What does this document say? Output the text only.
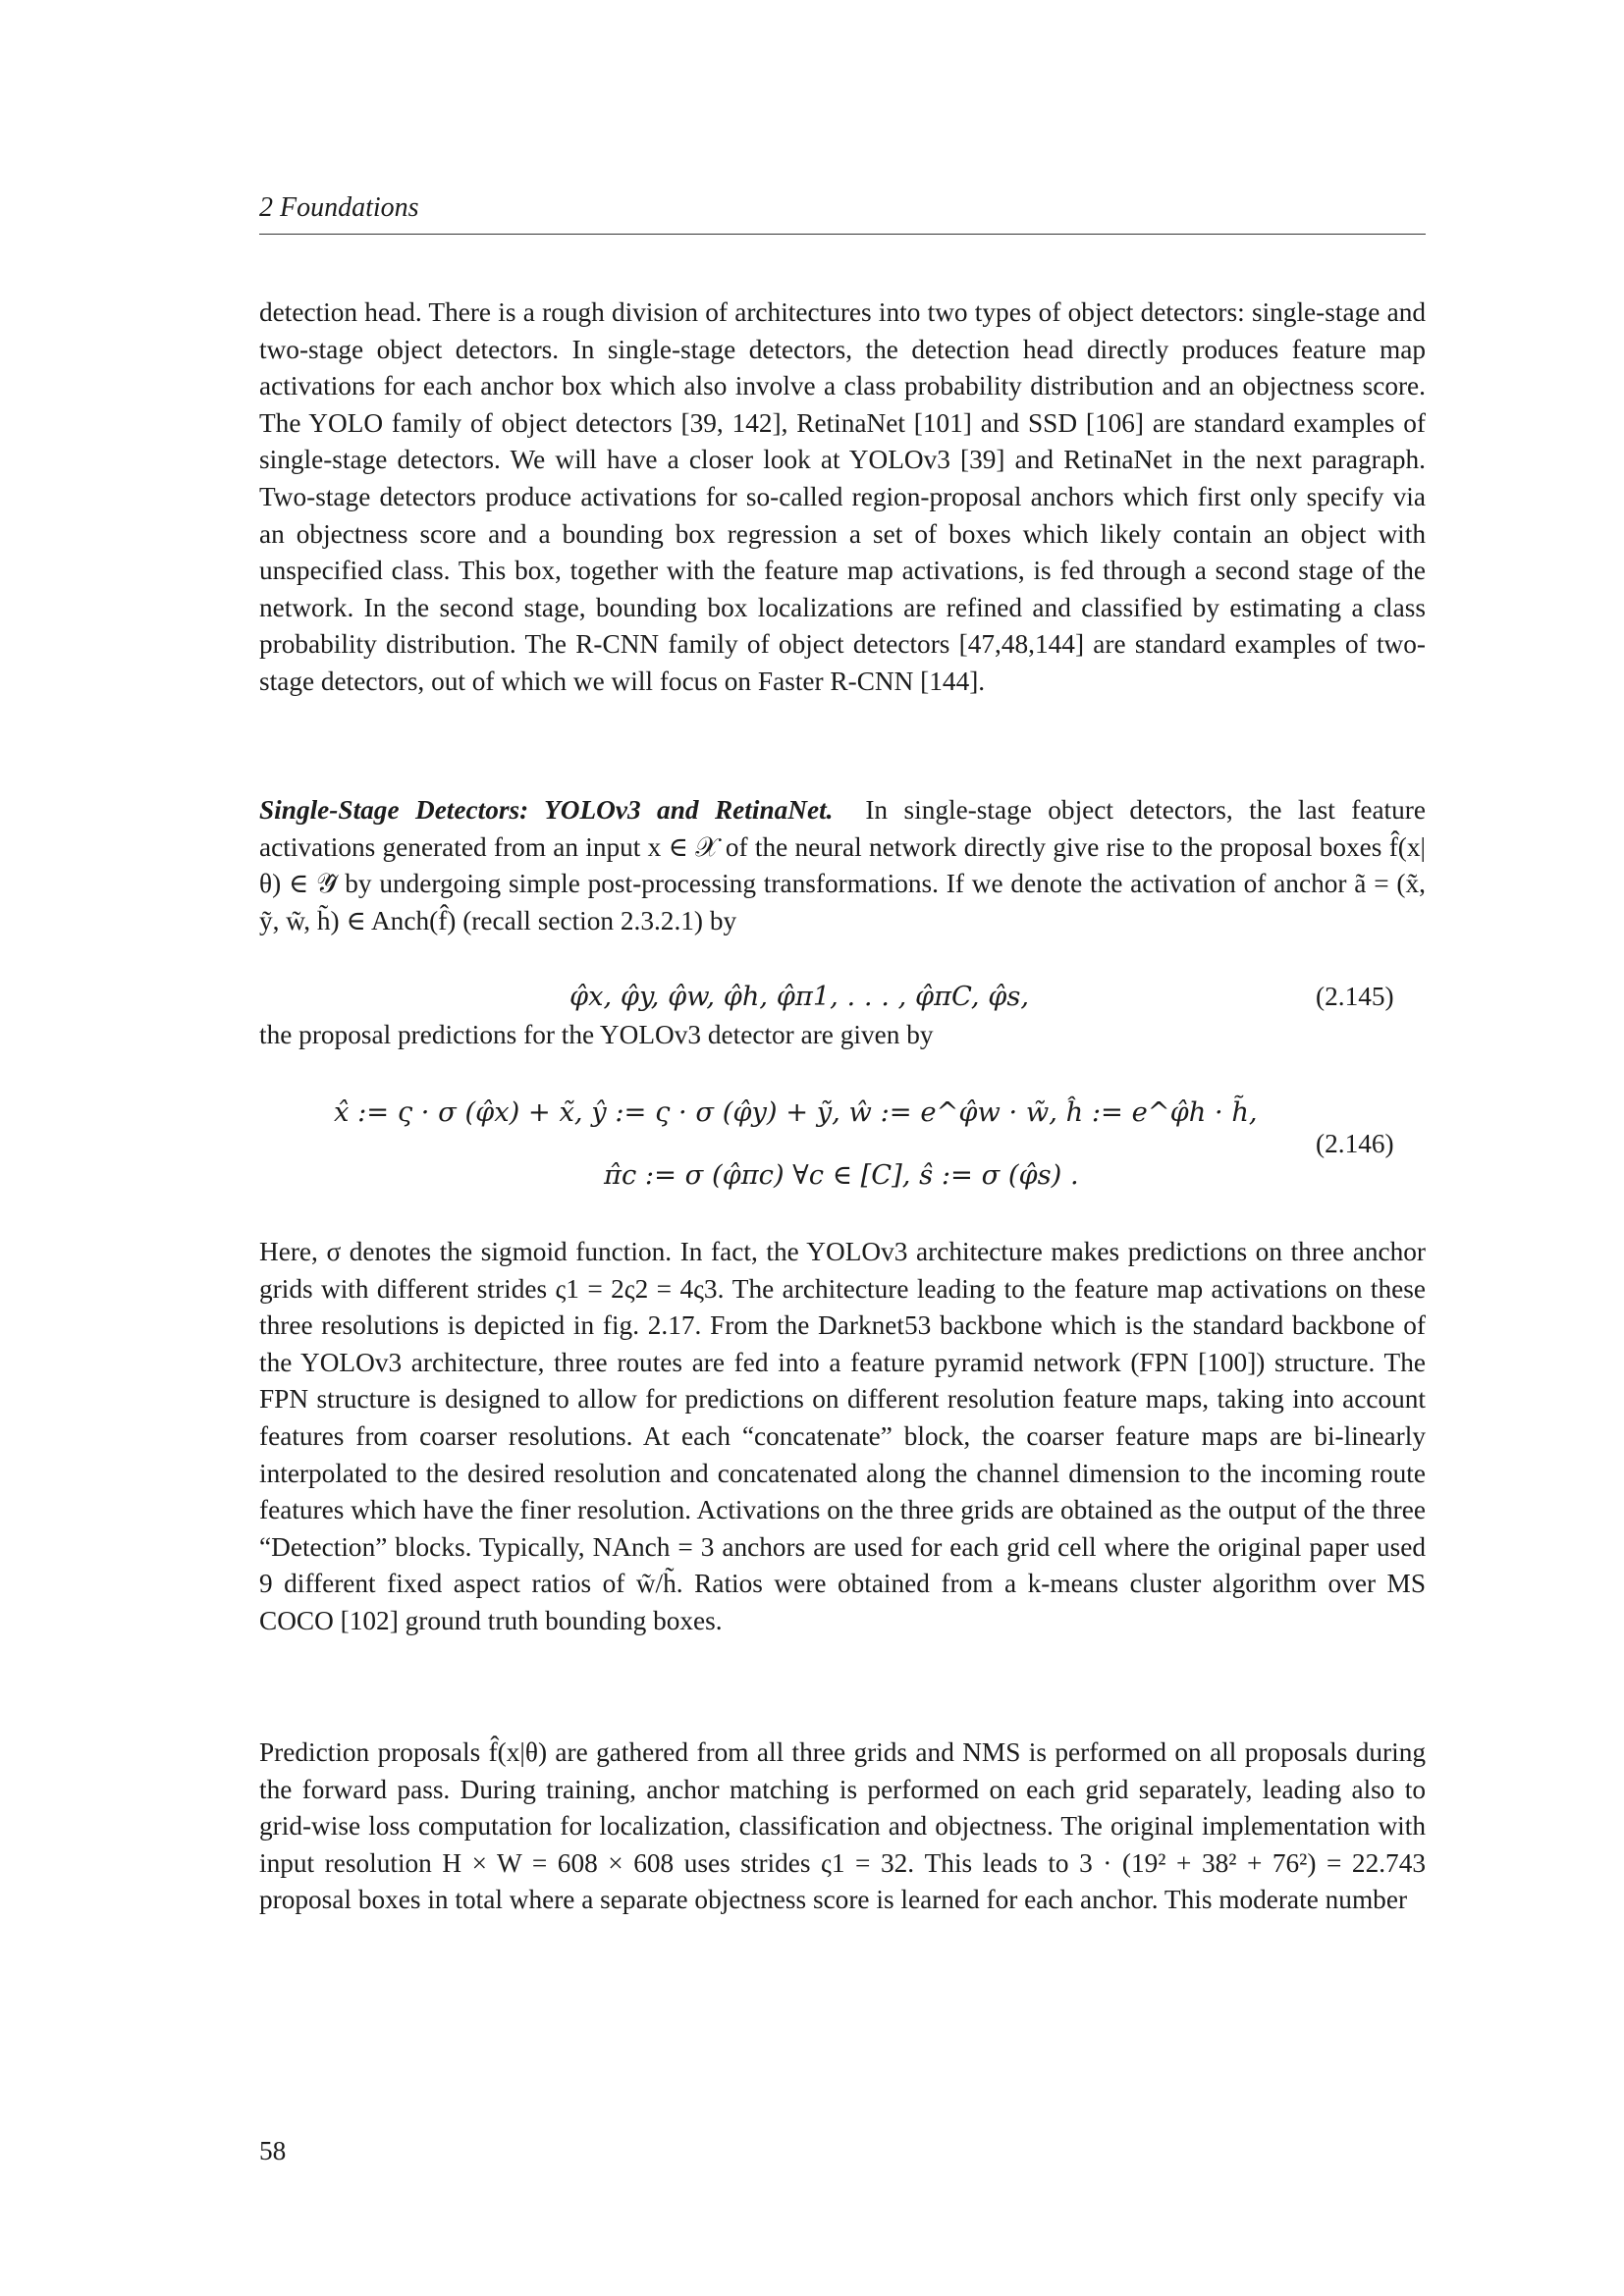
2 Foundations

detection head. There is a rough division of architectures into two types of object detectors: single-stage and two-stage object detectors. In single-stage detectors, the detection head directly produces feature map activations for each anchor box which also involve a class probability distribution and an objectness score. The YOLO family of object detectors [39, 142], RetinaNet [101] and SSD [106] are standard examples of single-stage detectors. We will have a closer look at YOLOv3 [39] and RetinaNet in the next paragraph. Two-stage detectors produce activations for so-called region-proposal anchors which first only specify via an objectness score and a bounding box regression a set of boxes which likely contain an object with unspecified class. This box, together with the feature map activations, is fed through a second stage of the network. In the second stage, bounding box localizations are refined and classified by estimating a class probability distribution. The R-CNN family of object detectors [47,48,144] are standard examples of two-stage detectors, out of which we will focus on Faster R-CNN [144].

Single-Stage Detectors: YOLOv3 and RetinaNet. In single-stage object detectors, the last feature activations generated from an input x ∈ 𝒳 of the neural network directly give rise to the proposal boxes f̂(x|θ) ∈ 𝒴̂ by undergoing simple post-processing transformations. If we denote the activation of anchor ã = (x̃, ỹ, w̃, h̃) ∈ Anch(f̂) (recall section 2.3.2.1) by

φ̂x, φ̂y, φ̂w, φ̂h, φ̂π1, . . . , φ̂πC, φ̂s,	(2.145)

the proposal predictions for the YOLOv3 detector are given by

x̂ := ς · σ (φ̂x) + x̃, ŷ := ς · σ (φ̂y) + ỹ, ŵ := e^φ̂w · w̃, ĥ := e^φ̂h · h̃,
π̂c := σ (φ̂πc) ∀c ∈ [C], ŝ := σ (φ̂s) .
(2.146)

Here, σ denotes the sigmoid function. In fact, the YOLOv3 architecture makes predictions on three anchor grids with different strides ς1 = 2ς2 = 4ς3. The architecture leading to the feature map activations on these three resolutions is depicted in fig. 2.17. From the Darknet53 backbone which is the standard backbone of the YOLOv3 architecture, three routes are fed into a feature pyramid network (FPN [100]) structure. The FPN structure is designed to allow for predictions on different resolution feature maps, taking into account features from coarser resolutions. At each “concatenate” block, the coarser feature maps are bi-linearly interpolated to the desired resolution and concatenated along the channel dimension to the incoming route features which have the finer resolution. Activations on the three grids are obtained as the output of the three “Detection” blocks. Typically, NAnch = 3 anchors are used for each grid cell where the original paper used 9 different fixed aspect ratios of w̃/h̃. Ratios were obtained from a k-means cluster algorithm over MS COCO [102] ground truth bounding boxes.

Prediction proposals f̂(x|θ) are gathered from all three grids and NMS is performed on all proposals during the forward pass. During training, anchor matching is performed on each grid separately, leading also to grid-wise loss computation for localization, classification and objectness. The original implementation with input resolution H × W = 608 × 608 uses strides ς1 = 32. This leads to 3 · (19² + 38² + 76²) = 22.743 proposal boxes in total where a separate objectness score is learned for each anchor. This moderate number

58
